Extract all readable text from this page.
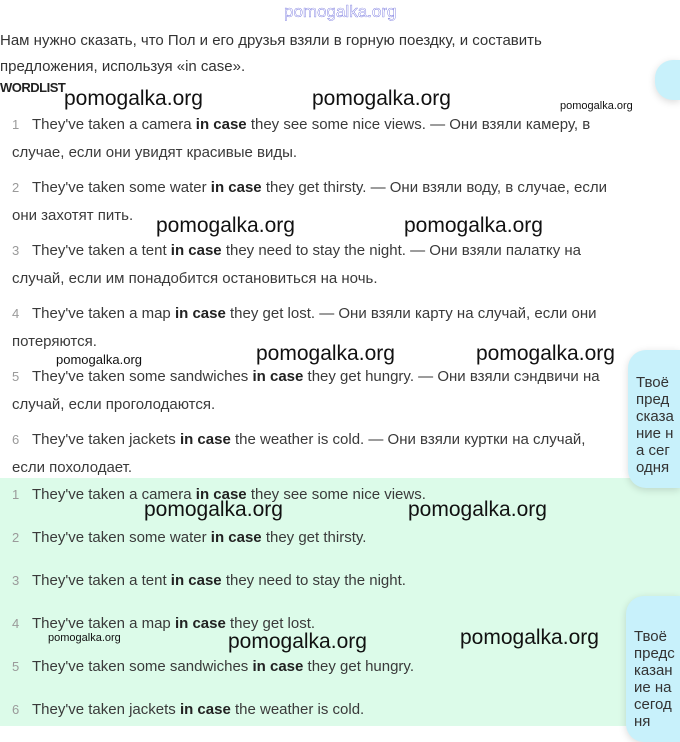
pomogalka.org
Нам нужно сказать, что Пол и его друзья взяли в горную поездку, и составить предложения, используя «in case».
WORDLIST
1 They've taken a camera in case they see some nice views. — Они взяли камеру, в случае, если они увидят красивые виды.
2 They've taken some water in case they get thirsty. — Они взяли воду, в случае, если они захотят пить.
3 They've taken a tent in case they need to stay the night. — Они взяли палатку на случай, если им понадобится остановиться на ночь.
4 They've taken a map in case they get lost. — Они взяли карту на случай, если они потеряются.
5 They've taken some sandwiches in case they get hungry. — Они взяли сэндвичи на случай, если проголодаются.
6 They've taken jackets in case the weather is cold. — Они взяли куртки на случай, если похолодает.
Твоё предсказание на сегодня
1 They've taken a camera in case they see some nice views.
2 They've taken some water in case they get thirsty.
3 They've taken a tent in case they need to stay the night.
4 They've taken a map in case they get lost.
5 They've taken some sandwiches in case they get hungry.
6 They've taken jackets in case the weather is cold.
Твоё предсказание на сегодня
pomogalka.org	pomogalka.org	pomogalka.org
pomogalka.org	pomogalka.org
pomogalka.org	pomogalka.org	pomogalka.org
pomogalka.org	pomogalka.org
pomogalka.org	pomogalka.org	pomogalka.org
